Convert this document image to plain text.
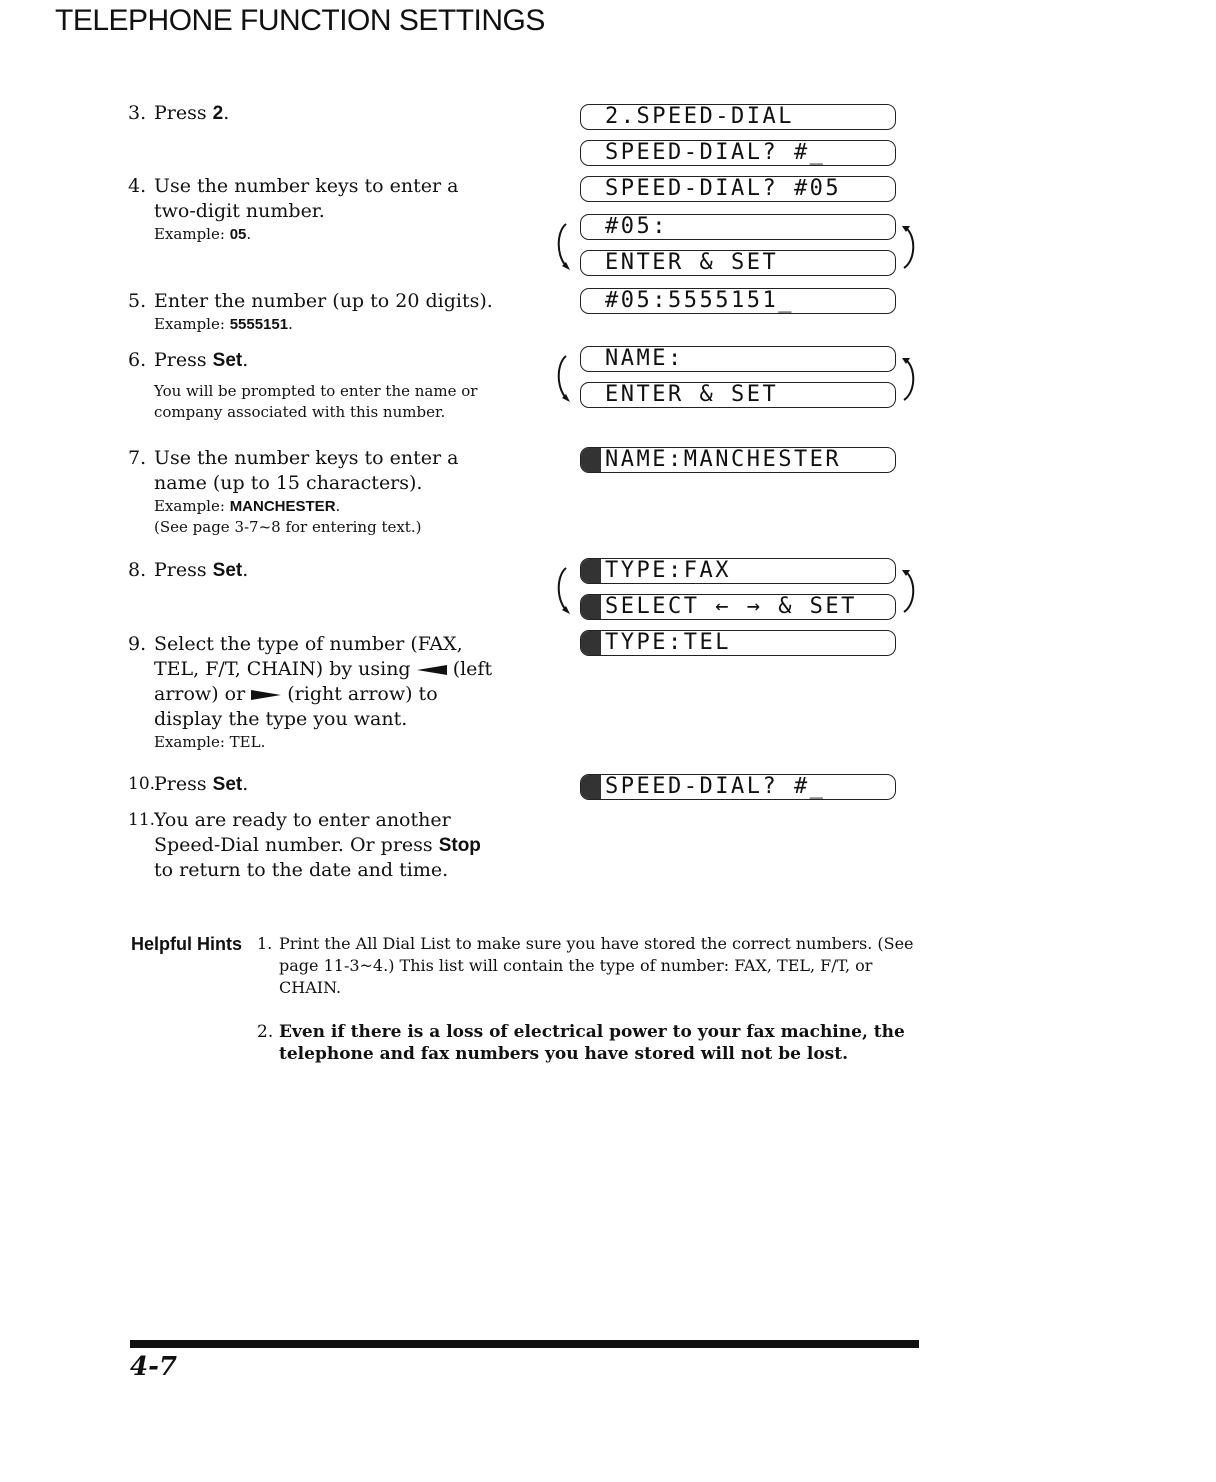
TELEPHONE FUNCTION SETTINGS
3. Press 2.
4. Use the number keys to enter a two-digit number.
Example: 05.
5. Enter the number (up to 20 digits).
Example: 5555151.
6. Press Set.
You will be prompted to enter the name or company associated with this number.
7. Use the number keys to enter a name (up to 15 characters).
Example: MANCHESTER.
(See page 3-7~8 for entering text.)
8. Press Set.
9. Select the type of number (FAX, TEL, F/T, CHAIN) by using (left arrow) or (right arrow) to display the type you want.
Example: TEL.
10.
Press Set.
11.
You are ready to enter another Speed-Dial number. Or press Stop to return to the date and time.
2.SPEED-DIAL
SPEED-DIAL? #_
SPEED-DIAL? #05
#05:
ENTER & SET
#05:5555151_
NAME:
ENTER & SET
NAME:MANCHESTER
TYPE:FAX
SELECT ← → & SET
TYPE:TEL
SPEED-DIAL? #_
Helpful Hints 1. Print the All Dial List to make sure you have stored the correct numbers. (See page 11-3~4.) This list will contain the type of number: FAX, TEL, F/T, or CHAIN.
2. Even if there is a loss of electrical power to your fax machine, the telephone and fax numbers you have stored will not be lost.
4-7
